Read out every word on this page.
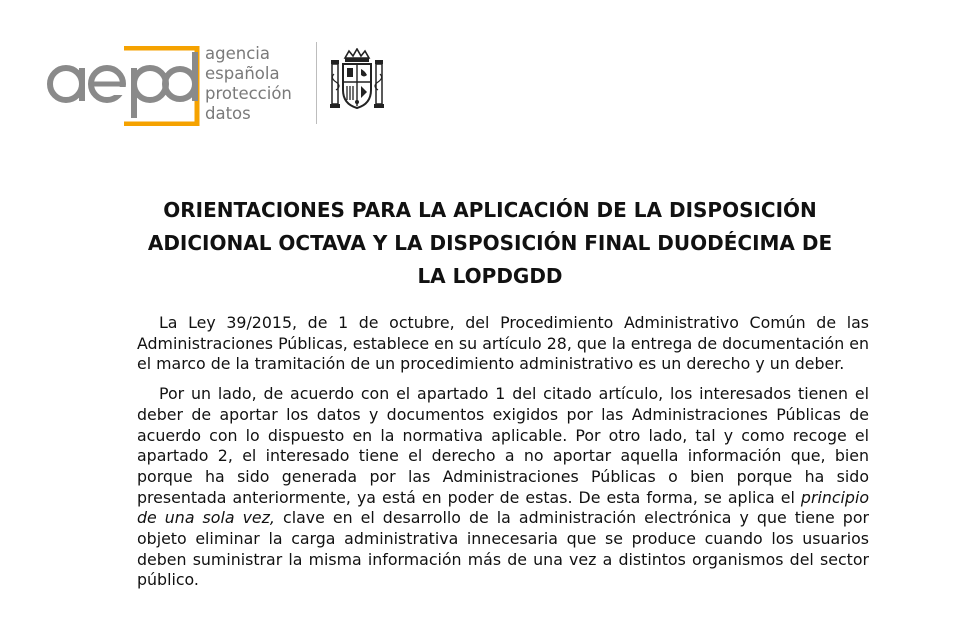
agencia
española
protección
datos
ORIENTACIONES PARA LA APLICACIÓN DE LA DISPOSICIÓN
ADICIONAL OCTAVA Y LA DISPOSICIÓN FINAL DUODÉCIMA DE
LA LOPDGDD

La Ley 39/2015, de 1 de octubre, del Procedimiento Administrativo Común de las Administraciones Públicas, establece en su artículo 28, que la entrega de documentación en el marco de la tramitación de un procedimiento administrativo es un derecho y un deber.

Por un lado, de acuerdo con el apartado 1 del citado artículo, los interesados tienen el deber de aportar los datos y documentos exigidos por las Administraciones Públicas de acuerdo con lo dispuesto en la normativa aplicable. Por otro lado, tal y como recoge el apartado 2, el interesado tiene el derecho a no aportar aquella información que, bien porque ha sido generada por las Administraciones Públicas o bien porque ha sido presentada anteriormente, ya está en poder de estas. De esta forma, se aplica el principio de una sola vez, clave en el desarrollo de la administración electrónica y que tiene por objeto eliminar la carga administrativa innecesaria que se produce cuando los usuarios deben suministrar la misma información más de una vez a distintos organismos del sector público.
